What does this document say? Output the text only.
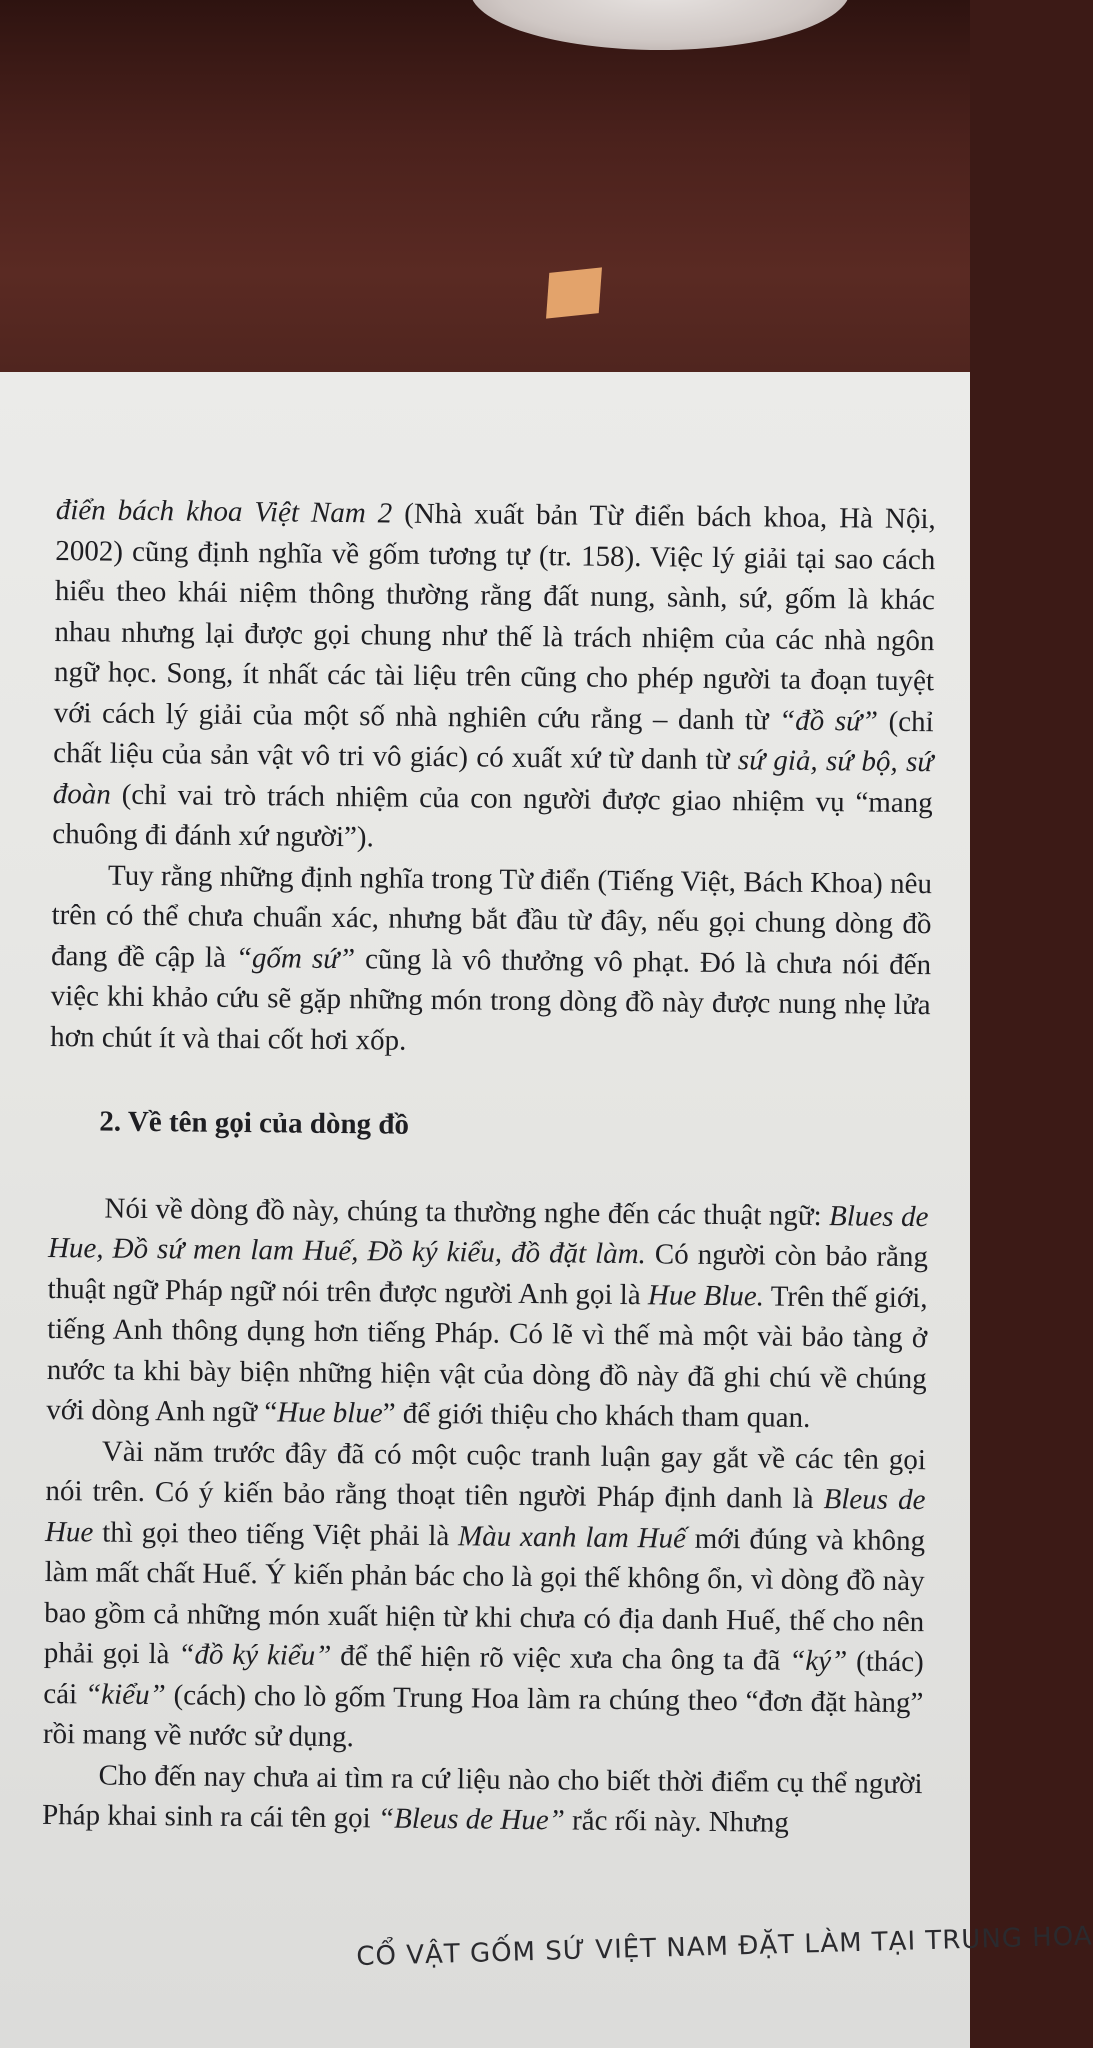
điển bách khoa Việt Nam 2 (Nhà xuất bản Từ điển bách khoa, Hà Nội, 2002) cũng định nghĩa về gốm tương tự (tr. 158). Việc lý giải tại sao cách hiểu theo khái niệm thông thường rằng đất nung, sành, sứ, gốm là khác nhau nhưng lại được gọi chung như thế là trách nhiệm của các nhà ngôn ngữ học. Song, ít nhất các tài liệu trên cũng cho phép người ta đoạn tuyệt với cách lý giải của một số nhà nghiên cứu rằng – danh từ “đồ sứ” (chỉ chất liệu của sản vật vô tri vô giác) có xuất xứ từ danh từ sứ giả, sứ bộ, sứ đoàn (chỉ vai trò trách nhiệm của con người được giao nhiệm vụ “mang chuông đi đánh xứ người”).

Tuy rằng những định nghĩa trong Từ điển (Tiếng Việt, Bách Khoa) nêu trên có thể chưa chuẩn xác, nhưng bắt đầu từ đây, nếu gọi chung dòng đồ đang đề cập là “gốm sứ” cũng là vô thưởng vô phạt. Đó là chưa nói đến việc khi khảo cứu sẽ gặp những món trong dòng đồ này được nung nhẹ lửa hơn chút ít và thai cốt hơi xốp.

2. Về tên gọi của dòng đồ

Nói về dòng đồ này, chúng ta thường nghe đến các thuật ngữ: Blues de Hue, Đồ sứ men lam Huế, Đồ ký kiểu, đồ đặt làm. Có người còn bảo rằng thuật ngữ Pháp ngữ nói trên được người Anh gọi là Hue Blue. Trên thế giới, tiếng Anh thông dụng hơn tiếng Pháp. Có lẽ vì thế mà một vài bảo tàng ở nước ta khi bày biện những hiện vật của dòng đồ này đã ghi chú về chúng với dòng Anh ngữ “Hue blue” để giới thiệu cho khách tham quan.

Vài năm trước đây đã có một cuộc tranh luận gay gắt về các tên gọi nói trên. Có ý kiến bảo rằng thoạt tiên người Pháp định danh là Bleus de Hue thì gọi theo tiếng Việt phải là Màu xanh lam Huế mới đúng và không làm mất chất Huế. Ý kiến phản bác cho là gọi thế không ổn, vì dòng đồ này bao gồm cả những món xuất hiện từ khi chưa có địa danh Huế, thế cho nên phải gọi là “đồ ký kiểu” để thể hiện rõ việc xưa cha ông ta đã “ký” (thác) cái “kiểu” (cách) cho lò gốm Trung Hoa làm ra chúng theo “đơn đặt hàng” rồi mang về nước sử dụng.

Cho đến nay chưa ai tìm ra cứ liệu nào cho biết thời điểm cụ thể người Pháp khai sinh ra cái tên gọi “Bleus de Hue” rắc rối này. Nhưng

CỔ VẬT GỐM SỨ VIỆT NAM ĐẶT LÀM TẠI TRUNG HOA
